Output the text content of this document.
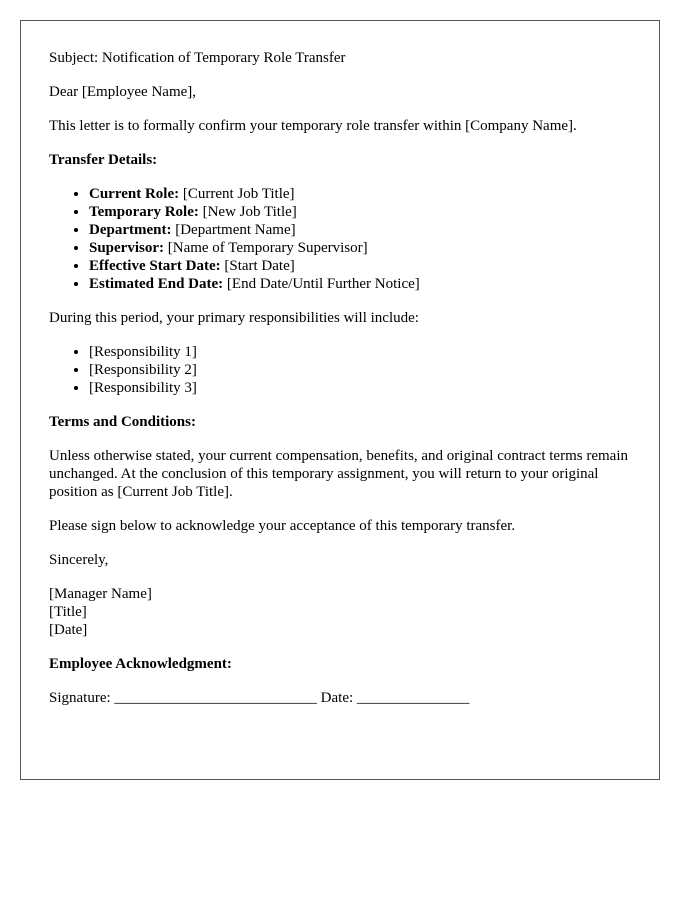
Subject: Notification of Temporary Role Transfer

Dear [Employee Name],

This letter is to formally confirm your temporary role transfer within [Company Name].

Transfer Details:

• Current Role: [Current Job Title]
• Temporary Role: [New Job Title]
• Department: [Department Name]
• Supervisor: [Name of Temporary Supervisor]
• Effective Start Date: [Start Date]
• Estimated End Date: [End Date/Until Further Notice]

During this period, your primary responsibilities will include:

• [Responsibility 1]
• [Responsibility 2]
• [Responsibility 3]

Terms and Conditions:

Unless otherwise stated, your current compensation, benefits, and original contract terms remain unchanged. At the conclusion of this temporary assignment, you will return to your original position as [Current Job Title].

Please sign below to acknowledge your acceptance of this temporary transfer.

Sincerely,

[Manager Name]
[Title]
[Date]

Employee Acknowledgment:

Signature: ___________________________ Date: _______________
